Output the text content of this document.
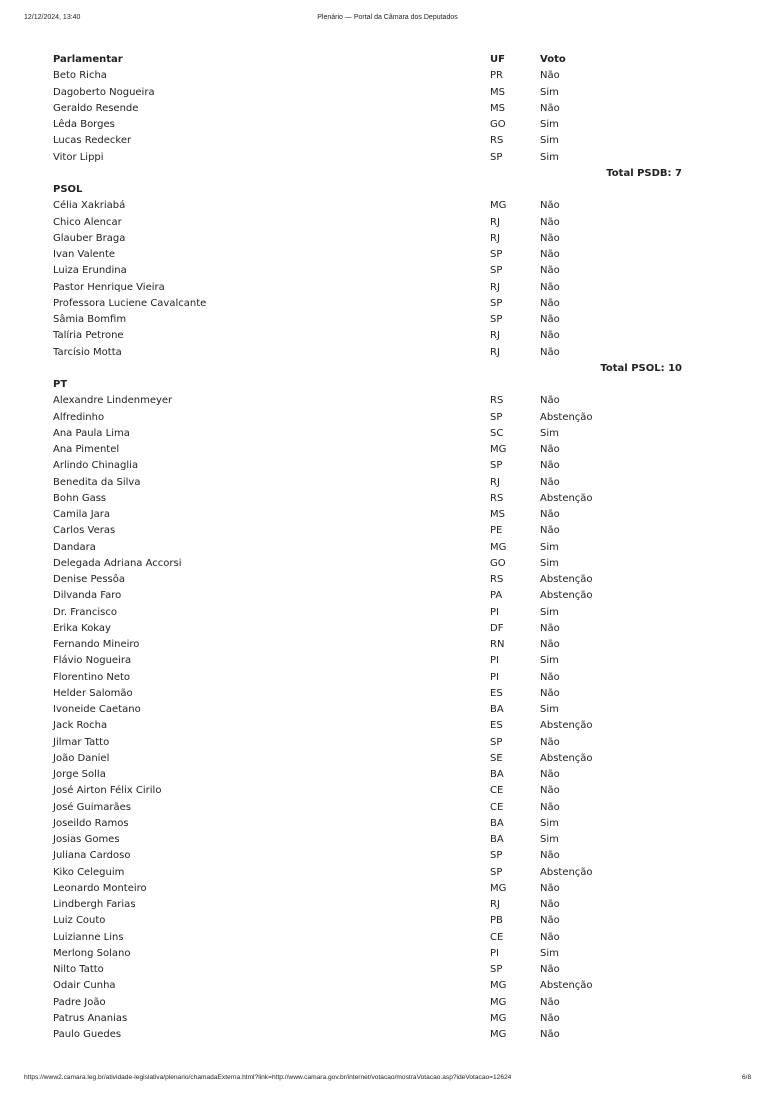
12/12/2024, 13:40	Plenário — Portal da Câmara dos Deputados
Parlamentar	UF	Voto
Beto Richa	PR	Não
Dagoberto Nogueira	MS	Sim
Geraldo Resende	MS	Não
Lêda Borges	GO	Sim
Lucas Redecker	RS	Sim
Vitor Lippi	SP	Sim
Total PSDB: 7
PSOL
Célia Xakriabá	MG	Não
Chico Alencar	RJ	Não
Glauber Braga	RJ	Não
Ivan Valente	SP	Não
Luiza Erundina	SP	Não
Pastor Henrique Vieira	RJ	Não
Professora Luciene Cavalcante	SP	Não
Sâmia Bomfim	SP	Não
Talíria Petrone	RJ	Não
Tarcísio Motta	RJ	Não
Total PSOL: 10
PT
Alexandre Lindenmeyer	RS	Não
Alfredinho	SP	Abstenção
Ana Paula Lima	SC	Sim
Ana Pimentel	MG	Não
Arlindo Chinaglia	SP	Não
Benedita da Silva	RJ	Não
Bohn Gass	RS	Abstenção
Camila Jara	MS	Não
Carlos Veras	PE	Não
Dandara	MG	Sim
Delegada Adriana Accorsi	GO	Sim
Denise Pessôa	RS	Abstenção
Dilvanda Faro	PA	Abstenção
Dr. Francisco	PI	Sim
Erika Kokay	DF	Não
Fernando Mineiro	RN	Não
Flávio Nogueira	PI	Sim
Florentino Neto	PI	Não
Helder Salomão	ES	Não
Ivoneide Caetano	BA	Sim
Jack Rocha	ES	Abstenção
Jilmar Tatto	SP	Não
João Daniel	SE	Abstenção
Jorge Solla	BA	Não
José Airton Félix Cirilo	CE	Não
José Guimarães	CE	Não
Joseildo Ramos	BA	Sim
Josias Gomes	BA	Sim
Juliana Cardoso	SP	Não
Kiko Celeguim	SP	Abstenção
Leonardo Monteiro	MG	Não
Lindbergh Farias	RJ	Não
Luiz Couto	PB	Não
Luizianne Lins	CE	Não
Merlong Solano	PI	Sim
Nilto Tatto	SP	Não
Odair Cunha	MG	Abstenção
Padre João	MG	Não
Patrus Ananias	MG	Não
Paulo Guedes	MG	Não
https://www2.camara.leg.br/atividade-legislativa/plenario/chamadaExterna.html?link=http://www.camara.gov.br/internet/votacao/mostraVotacao.asp?ideVotacao=12624	6/8
